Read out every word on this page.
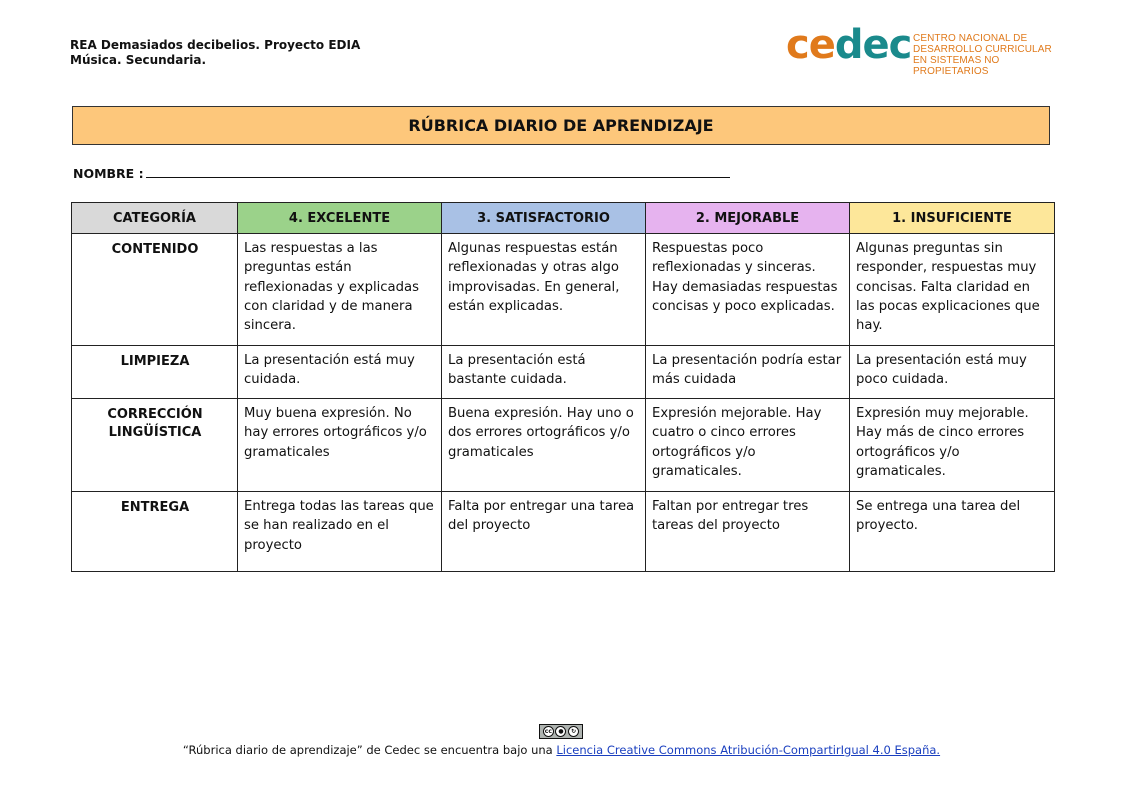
REA Demasiados decibelios. Proyecto EDIA
Música. Secundaria.	cedec CENTRO NACIONAL DE
DESARROLLO CURRICULAR
EN SISTEMAS NO PROPIETARIOS
RÚBRICA DIARIO DE APRENDIZAJE
NOMBRE :
CATEGORÍA	4. EXCELENTE	3. SATISFACTORIO	2. MEJORABLE	1. INSUFICIENTE
CONTENIDO	Las respuestas a las preguntas están reflexionadas y explicadas con claridad y de manera sincera.	Algunas respuestas están reflexionadas y otras algo improvisadas. En general, están explicadas.	Respuestas poco reflexionadas y sinceras. Hay demasiadas respuestas concisas y poco explicadas.	Algunas preguntas sin responder, respuestas muy concisas. Falta claridad en las pocas explicaciones que hay.
LIMPIEZA	La presentación está muy cuidada.	La presentación está bastante cuidada.	La presentación podría estar más cuidada	La presentación está muy poco cuidada.
CORRECCIÓN LINGÜÍSTICA	Muy buena expresión. No hay errores ortográficos y/o gramaticales	Buena expresión. Hay uno o dos errores ortográficos y/o gramaticales	Expresión mejorable. Hay cuatro o cinco errores ortográficos y/o gramaticales.	Expresión muy mejorable. Hay más de cinco errores ortográficos y/o gramaticales.
ENTREGA	Entrega todas las tareas que se han realizado en el proyecto	Falta por entregar una tarea del proyecto	Faltan por entregar tres tareas del proyecto	Se entrega una tarea del proyecto.
cc	●	↻
“Rúbrica diario de aprendizaje” de Cedec se encuentra bajo una Licencia Creative Commons Atribución-CompartirIgual 4.0 España.
